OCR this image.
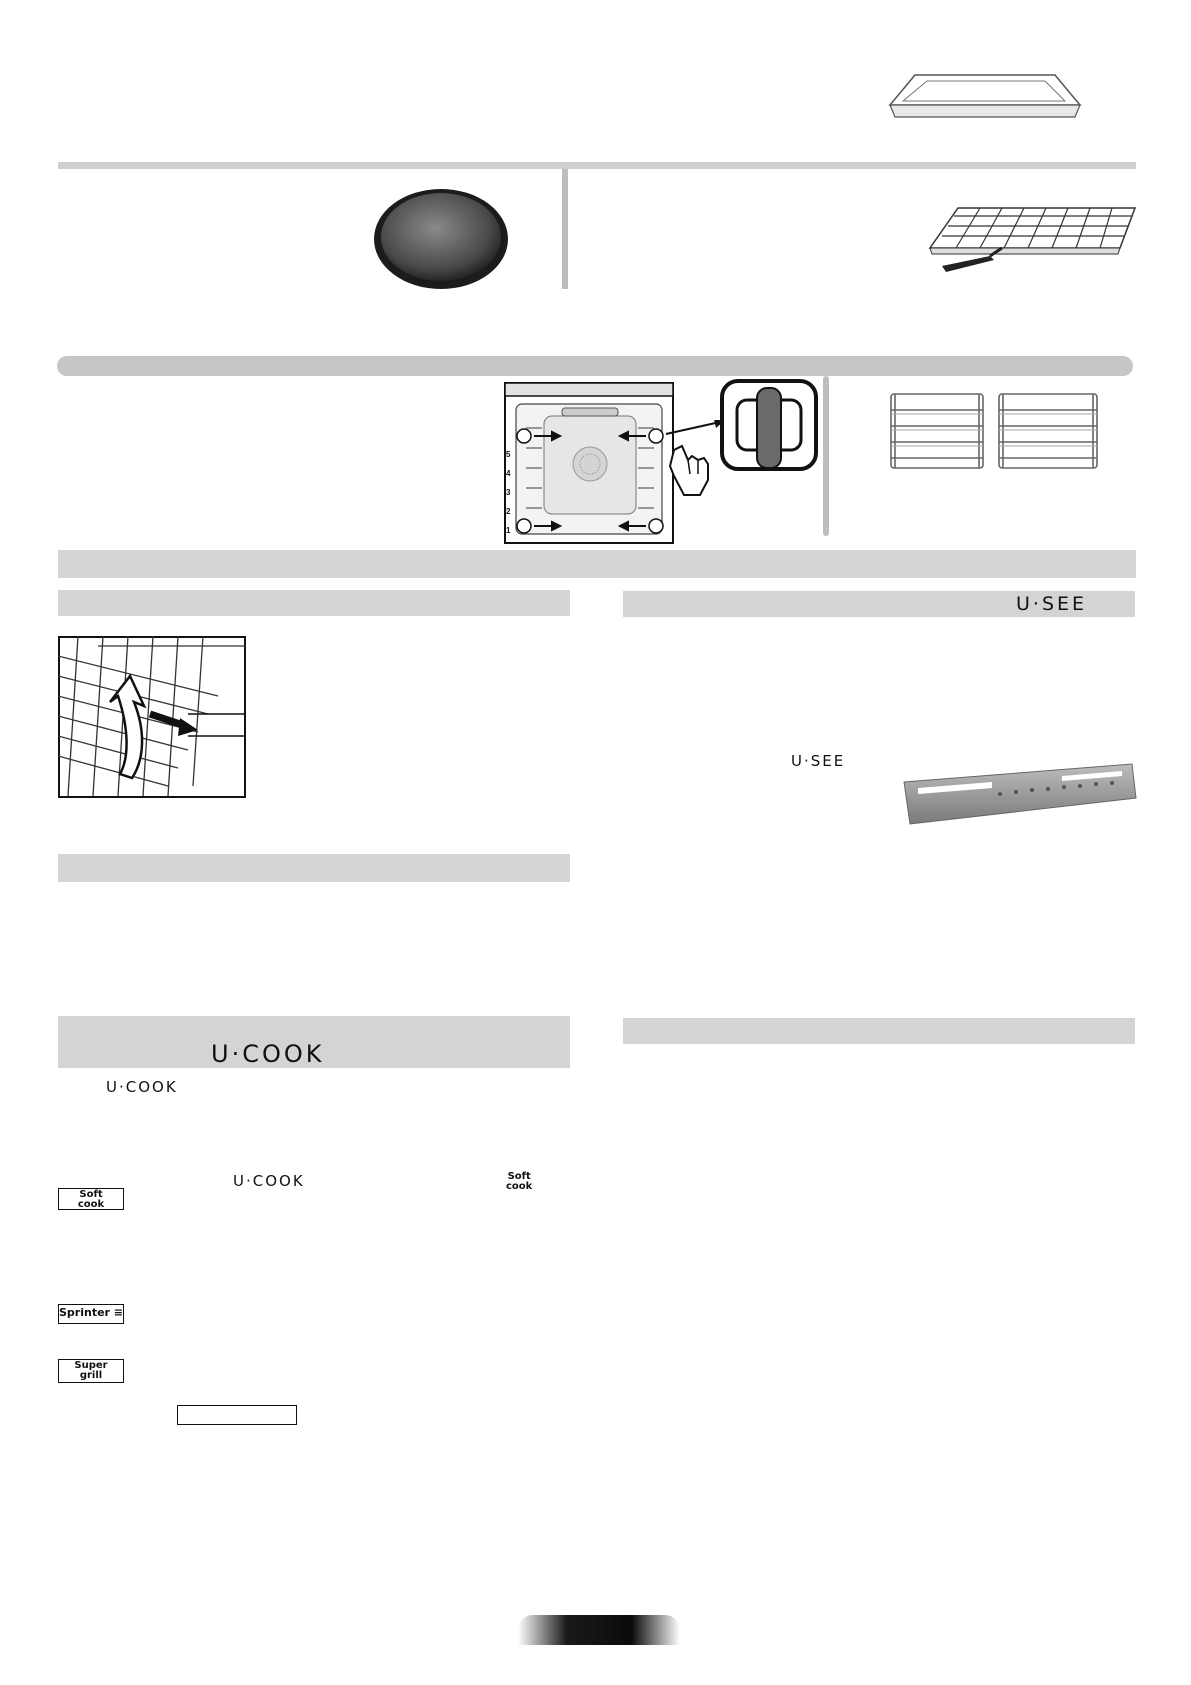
5
4
3
2
1
U·COOK
U·COOK
U·COOK
Soft
cook
Soft
cook
Sprinter ≡
Super
grill
U·SEE
U·SEE
